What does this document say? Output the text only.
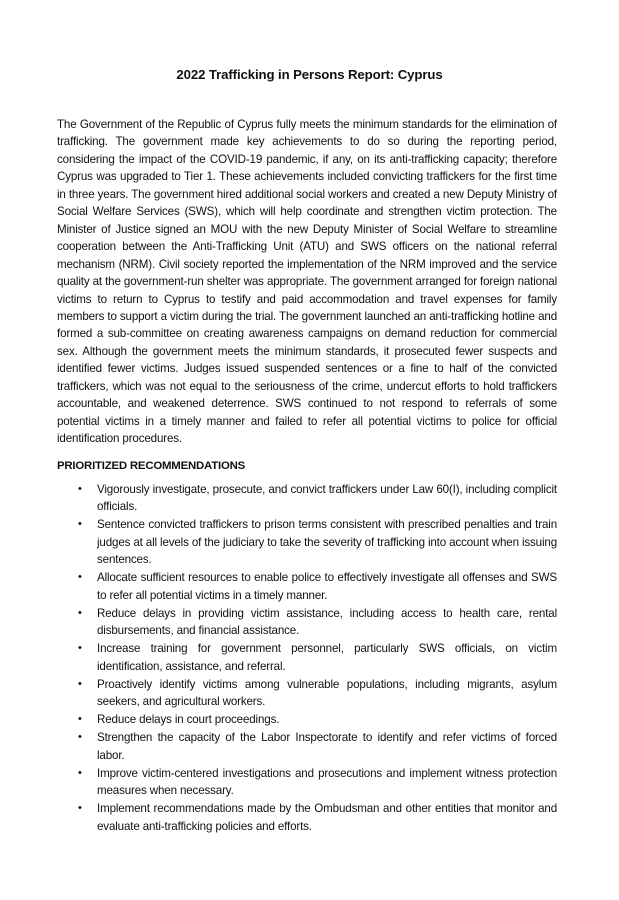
2022 Trafficking in Persons Report: Cyprus

The Government of the Republic of Cyprus fully meets the minimum standards for the elimination of trafficking. The government made key achievements to do so during the reporting period, considering the impact of the COVID-19 pandemic, if any, on its anti-trafficking capacity; therefore Cyprus was upgraded to Tier 1. These achievements included convicting traffickers for the first time in three years. The government hired additional social workers and created a new Deputy Ministry of Social Welfare Services (SWS), which will help coordinate and strengthen victim protection. The Minister of Justice signed an MOU with the new Deputy Minister of Social Welfare to streamline cooperation between the Anti-Trafficking Unit (ATU) and SWS officers on the national referral mechanism (NRM). Civil society reported the implementation of the NRM improved and the service quality at the government-run shelter was appropriate. The government arranged for foreign national victims to return to Cyprus to testify and paid accommodation and travel expenses for family members to support a victim during the trial. The government launched an anti-trafficking hotline and formed a sub-committee on creating awareness campaigns on demand reduction for commercial sex. Although the government meets the minimum standards, it prosecuted fewer suspects and identified fewer victims. Judges issued suspended sentences or a fine to half of the convicted traffickers, which was not equal to the seriousness of the crime, undercut efforts to hold traffickers accountable, and weakened deterrence. SWS continued to not respond to referrals of some potential victims in a timely manner and failed to refer all potential victims to police for official identification procedures.

PRIORITIZED RECOMMENDATIONS
• Vigorously investigate, prosecute, and convict traffickers under Law 60(I), including complicit officials.
• Sentence convicted traffickers to prison terms consistent with prescribed penalties and train judges at all levels of the judiciary to take the severity of trafficking into account when issuing sentences.
• Allocate sufficient resources to enable police to effectively investigate all offenses and SWS to refer all potential victims in a timely manner.
• Reduce delays in providing victim assistance, including access to health care, rental disbursements, and financial assistance.
• Increase training for government personnel, particularly SWS officials, on victim identification, assistance, and referral.
• Proactively identify victims among vulnerable populations, including migrants, asylum seekers, and agricultural workers.
• Reduce delays in court proceedings.
• Strengthen the capacity of the Labor Inspectorate to identify and refer victims of forced labor.
• Improve victim-centered investigations and prosecutions and implement witness protection measures when necessary.
• Implement recommendations made by the Ombudsman and other entities that monitor and evaluate anti-trafficking policies and efforts.
